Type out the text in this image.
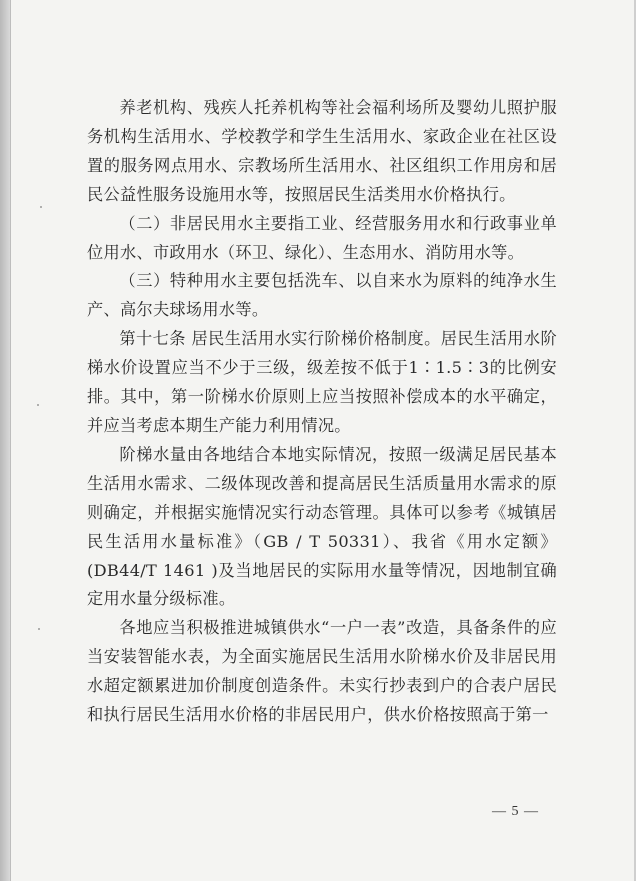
养老机构、残疾人托养机构等社会福利场所及婴幼儿照护服务机构生活用水、学校教学和学生生活用水、家政企业在社区设置的服务网点用水、宗教场所生活用水、社区组织工作用房和居民公益性服务设施用水等，按照居民生活类用水价格执行。

（二）非居民用水主要指工业、经营服务用水和行政事业单位用水、市政用水（环卫、绿化）、生态用水、消防用水等。

（三）特种用水主要包括洗车、以自来水为原料的纯净水生产、高尔夫球场用水等。

第十七条 居民生活用水实行阶梯价格制度。居民生活用水阶梯水价设置应当不少于三级，级差按不低于1∶1.5∶3的比例安排。其中，第一阶梯水价原则上应当按照补偿成本的水平确定，并应当考虑本期生产能力利用情况。

阶梯水量由各地结合本地实际情况，按照一级满足居民基本生活用水需求、二级体现改善和提高居民生活质量用水需求的原则确定，并根据实施情况实行动态管理。具体可以参考《城镇居民生活用水量标准》（GB / T 50331）、我省《用水定额》(DB44/T 1461 )及当地居民的实际用水量等情况，因地制宜确定用水量分级标准。

各地应当积极推进城镇供水“一户一表”改造，具备条件的应当安装智能水表，为全面实施居民生活用水阶梯水价及非居民用水超定额累进加价制度创造条件。未实行抄表到户的合表户居民和执行居民生活用水价格的非居民用户，供水价格按照高于第一

— 5 —
